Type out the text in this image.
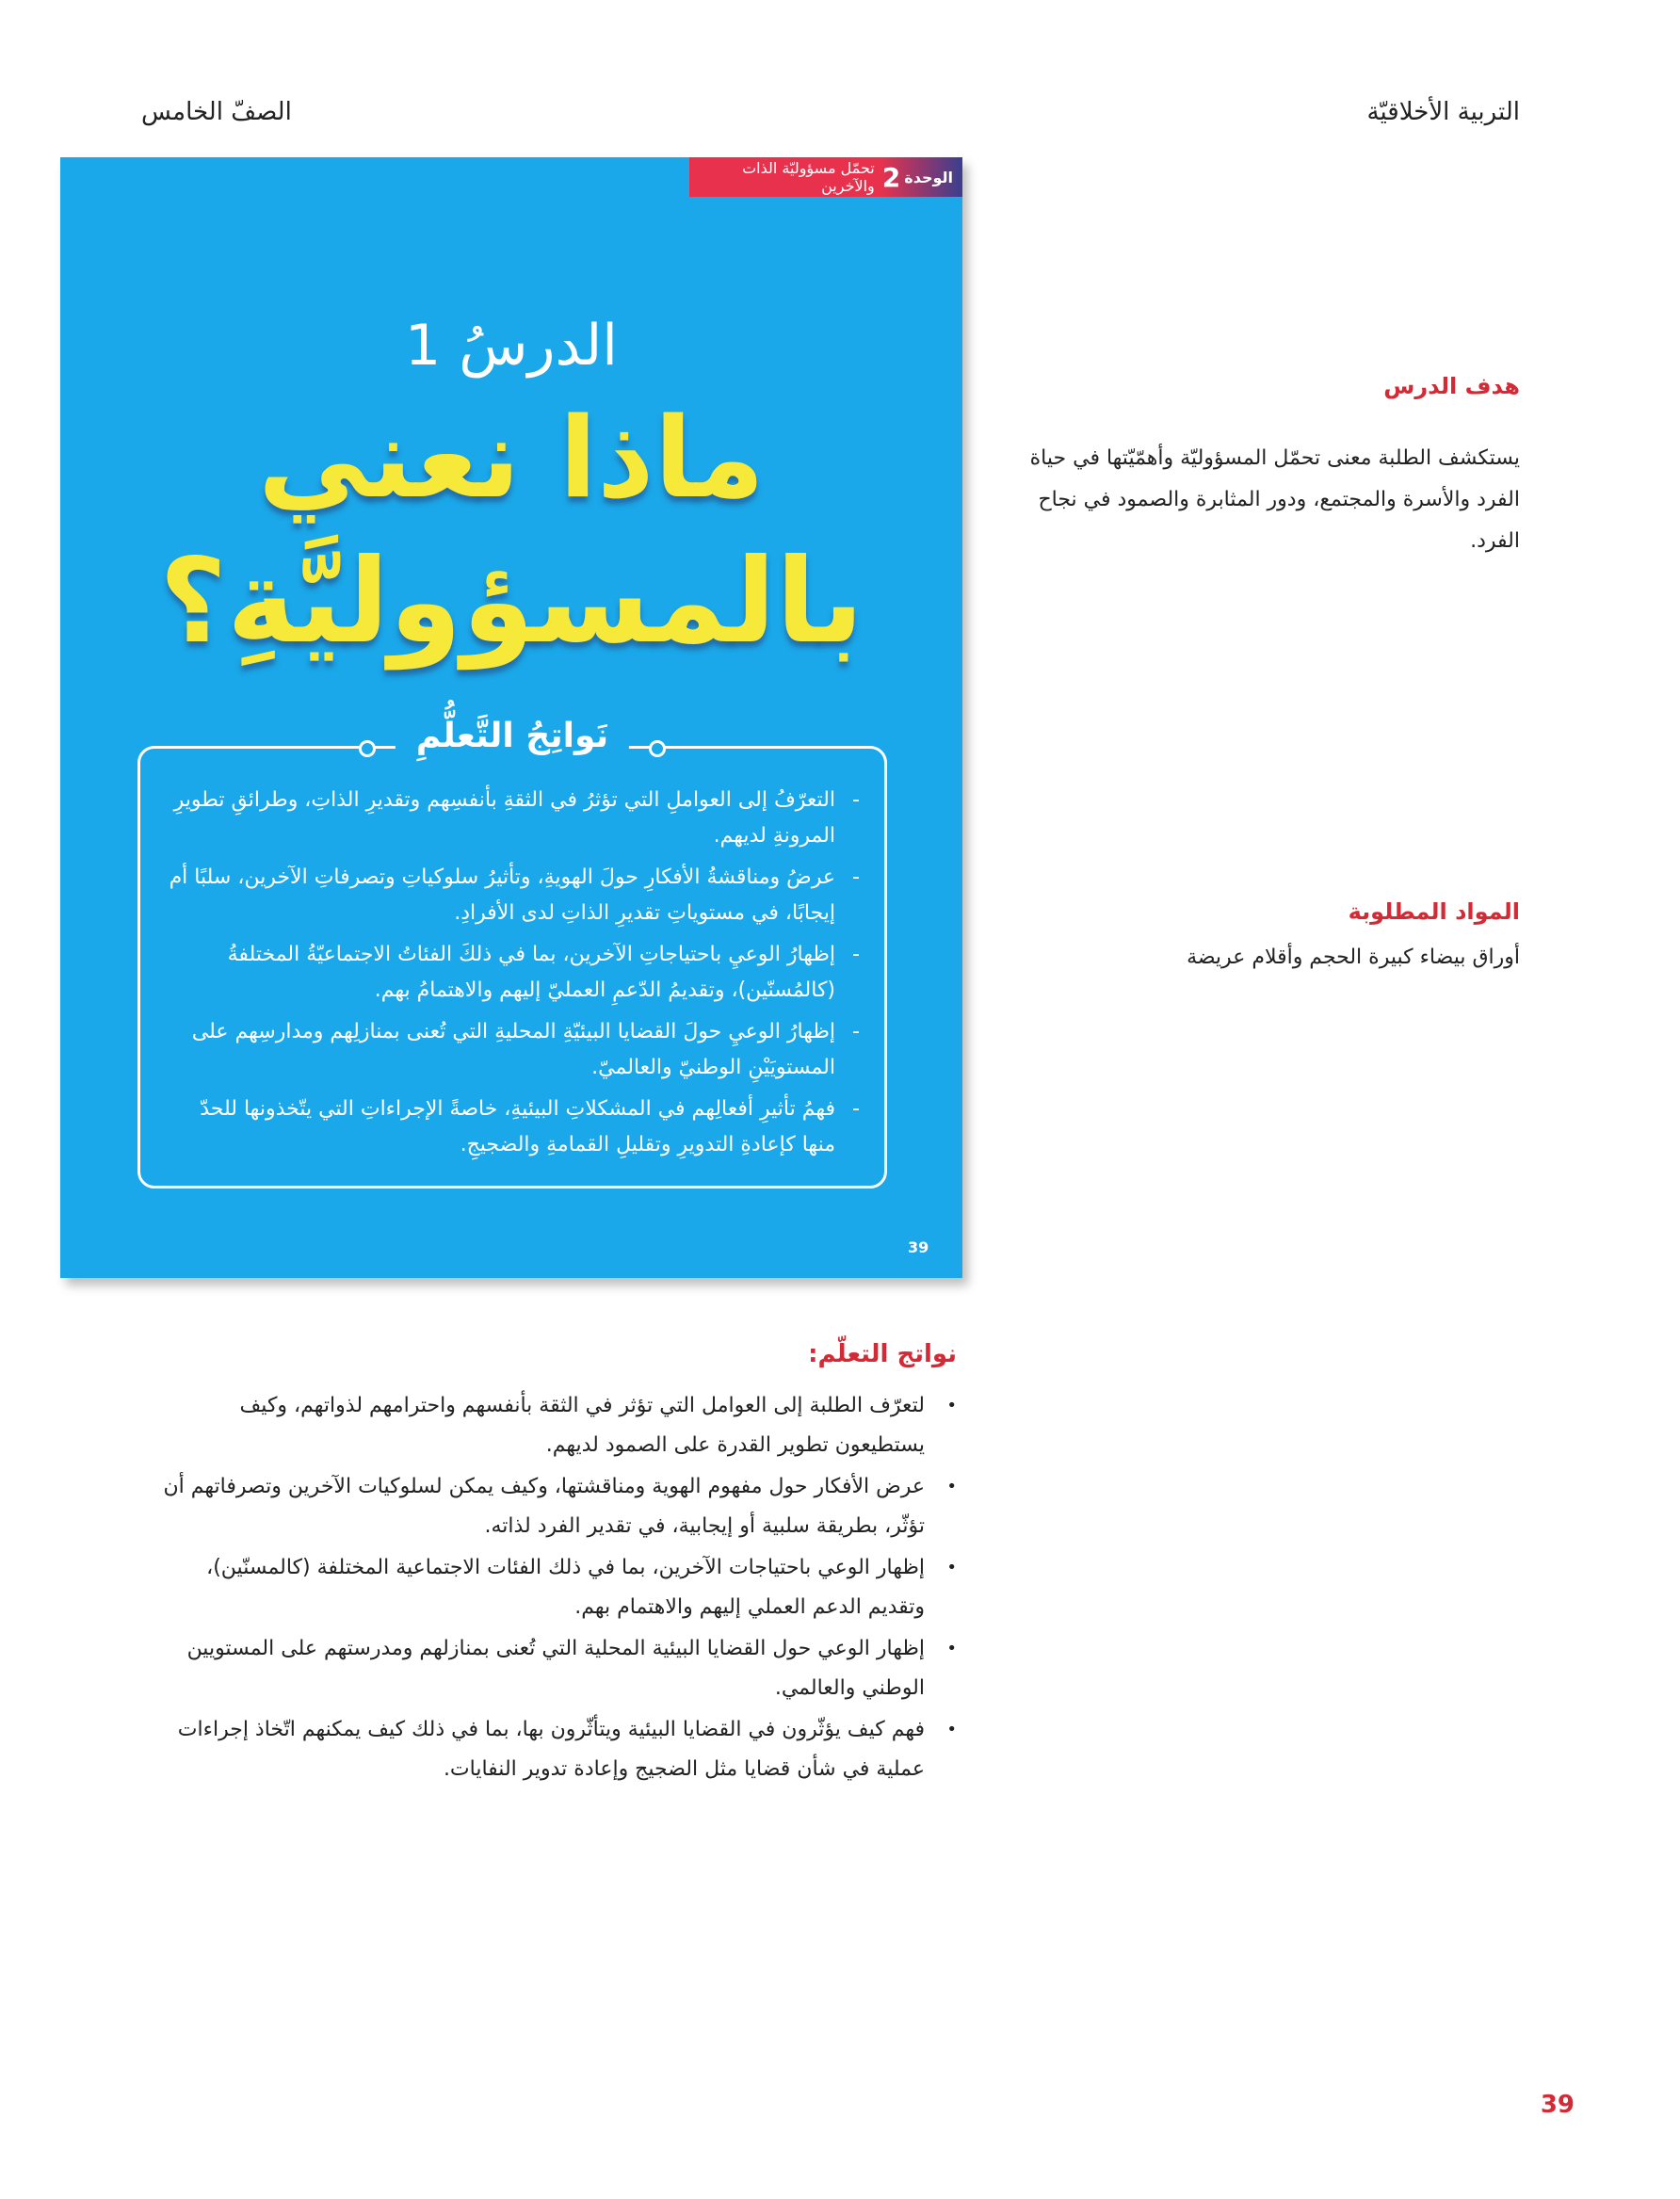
التربية الأخلاقيّة
الصفّ الخامس
الوحدة
2
تحمّل مسؤوليّة الذات والآخرين
الدرسُ 1
ماذا نعني
بالمسؤوليَّةِ؟
نَواتِجُ التَّعلُّمِ
- التعرّفُ إلى العواملِ التي تؤثرُ في الثقةِ بأنفسِهم وتقديرِ الذاتِ، وطرائقِ تطويرِ المرونةِ لديهم.
- عرضُ ومناقشةُ الأفكارِ حولَ الهويةِ، وتأثيرُ سلوكياتِ وتصرفاتِ الآخرين، سلبًا أم إيجابًا، في مستوياتِ تقديرِ الذاتِ لدى الأفرادِ.
- إظهارُ الوعيِ باحتياجاتِ الآخرين، بما في ذلكَ الفئاتُ الاجتماعيّةُ المختلفةُ (كالمُسنّين)، وتقديمُ الدّعمِ العمليّ إليهم والاهتمامُ بهم.
- إظهارُ الوعيِ حولَ القضايا البيئيّةِ المحليةِ التي تُعنى بمنازلِهم ومدارسِهم على المستويَيْنِ الوطنيّ والعالميّ.
- فهمُ تأثيرِ أفعالِهم في المشكلاتِ البيئيةِ، خاصةً الإجراءاتِ التي يتّخذونها للحدّ منها كإعادةِ التدويرِ وتقليلِ القمامةِ والضجيجِ.
39
هدف الدرس
يستكشف الطلبة معنى تحمّل المسؤوليّة وأهمّيّتها في حياة الفرد والأسرة والمجتمع، ودور المثابرة والصمود في نجاح الفرد.
المواد المطلوبة
أوراق بيضاء كبيرة الحجم وأقلام عريضة
نواتج التعلّم:
• لتعرّف الطلبة إلى العوامل التي تؤثر في الثقة بأنفسهم واحترامهم لذواتهم، وكيف يستطيعون تطوير القدرة على الصمود لديهم.
• عرض الأفكار حول مفهوم الهوية ومناقشتها، وكيف يمكن لسلوكيات الآخرين وتصرفاتهم أن تؤثّر، بطريقة سلبية أو إيجابية، في تقدير الفرد لذاته.
• إظهار الوعي باحتياجات الآخرين، بما في ذلك الفئات الاجتماعية المختلفة (كالمسنّين)، وتقديم الدعم العملي إليهم والاهتمام بهم.
• إظهار الوعي حول القضايا البيئية المحلية التي تُعنى بمنازلهم ومدرستهم على المستويين الوطني والعالمي.
• فهم كيف يؤثّرون في القضايا البيئية ويتأثّرون بها، بما في ذلك كيف يمكنهم اتّخاذ إجراءات عملية في شأن قضايا مثل الضجيج وإعادة تدوير النفايات.
39
